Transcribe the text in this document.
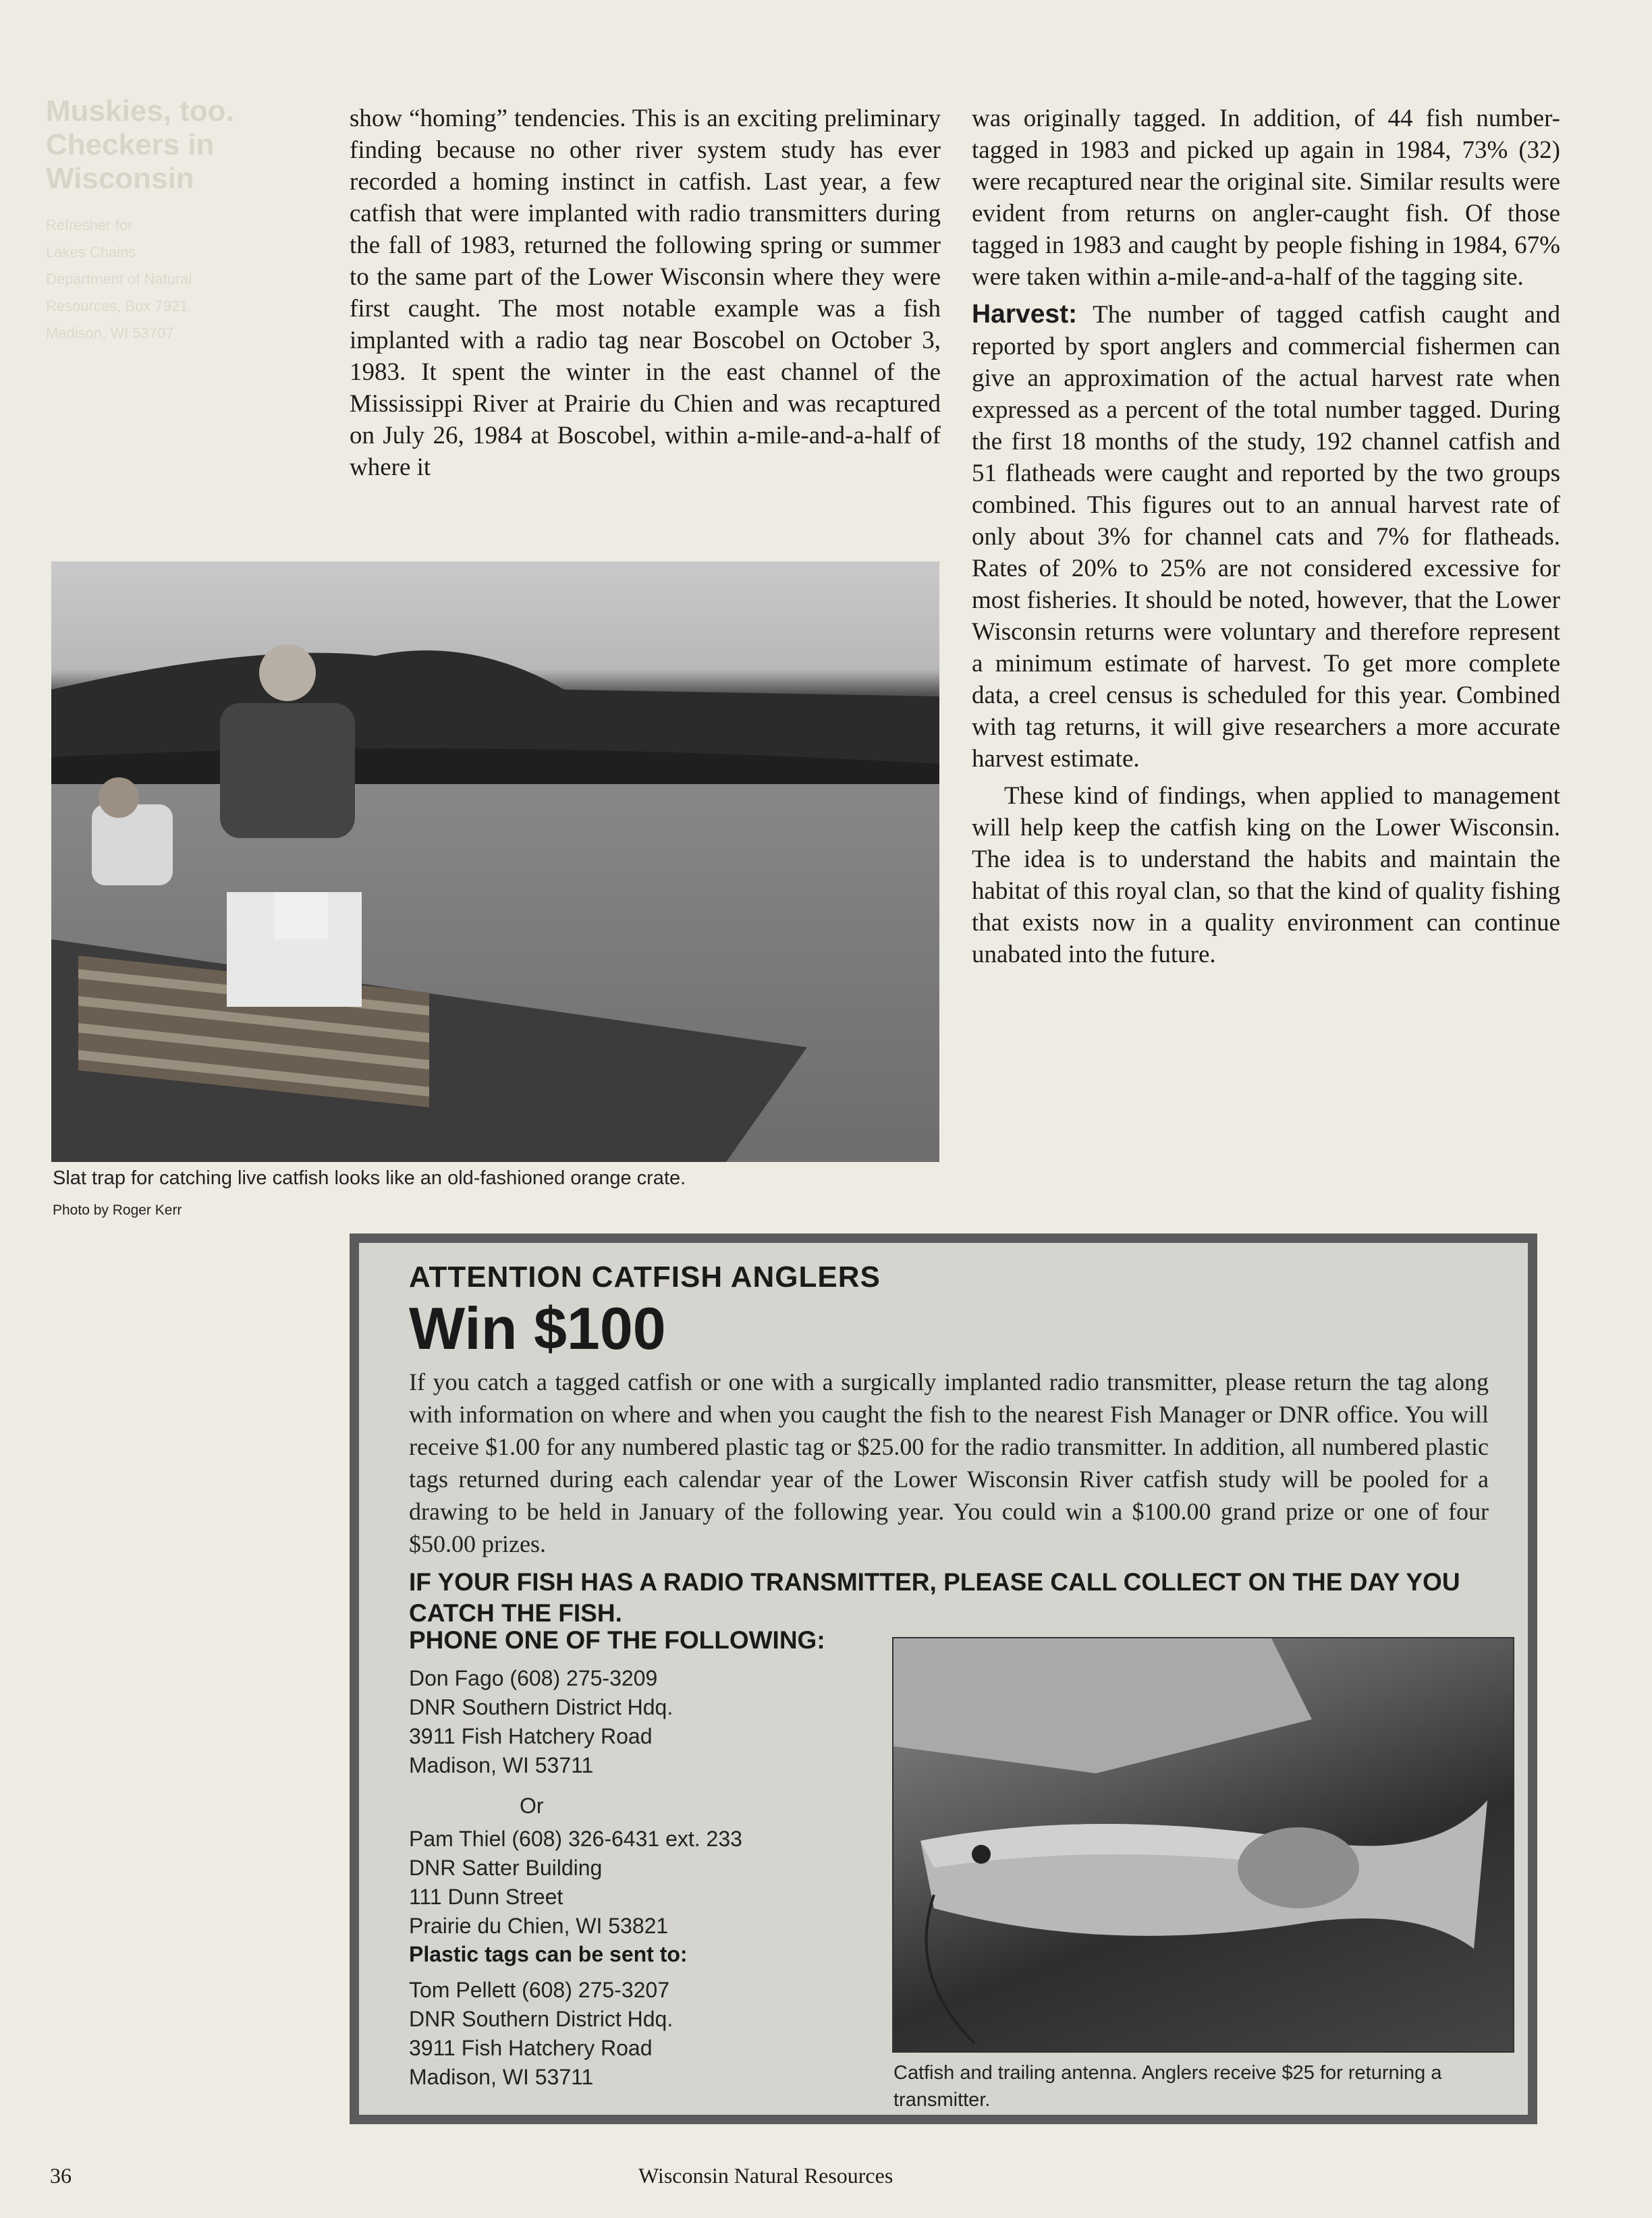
Muskies, too. Checkers in Wisconsin
Refresher for
Lakes Chains
Department of Natural
Resources, Box 7921
Madison, WI 53707

show “homing” tendencies. This is an exciting preliminary finding because no other river system study has ever recorded a homing instinct in catfish. Last year, a few catfish that were implanted with radio transmitters during the fall of 1983, returned the following spring or summer to the same part of the Lower Wisconsin where they were first caught. The most notable example was a fish implanted with a radio tag near Boscobel on October 3, 1983. It spent the winter in the east channel of the Mississippi River at Prairie du Chien and was recaptured on July 26, 1984 at Boscobel, within a-mile-and-a-half of where it

was originally tagged. In addition, of 44 fish number-tagged in 1983 and picked up again in 1984, 73% (32) were recaptured near the original site. Similar results were evident from returns on angler-caught fish. Of those tagged in 1983 and caught by people fishing in 1984, 67% were taken within a-mile-and-a-half of the tagging site.

Harvest: The number of tagged catfish caught and reported by sport anglers and commercial fishermen can give an approximation of the actual harvest rate when expressed as a percent of the total number tagged. During the first 18 months of the study, 192 channel catfish and 51 flatheads were caught and reported by the two groups combined. This figures out to an annual harvest rate of only about 3% for channel cats and 7% for flatheads. Rates of 20% to 25% are not considered excessive for most fisheries. It should be noted, however, that the Lower Wisconsin returns were voluntary and therefore represent a minimum estimate of harvest. To get more complete data, a creel census is scheduled for this year. Combined with tag returns, it will give researchers a more accurate harvest estimate.

These kind of findings, when applied to management will help keep the catfish king on the Lower Wisconsin. The idea is to understand the habits and maintain the habitat of this royal clan, so that the kind of quality fishing that exists now in a quality environment can continue unabated into the future.

Slat trap for catching live catfish looks like an old-fashioned orange crate.
Photo by Roger Kerr
ATTENTION CATFISH ANGLERS
Win $100
If you catch a tagged catfish or one with a surgically implanted radio transmitter, please return the tag along with information on where and when you caught the fish to the nearest Fish Manager or DNR office. You will receive $1.00 for any numbered plastic tag or $25.00 for the radio transmitter. In addition, all numbered plastic tags returned during each calendar year of the Lower Wisconsin River catfish study will be pooled for a drawing to be held in January of the following year. You could win a $100.00 grand prize or one of four $50.00 prizes.
IF YOUR FISH HAS A RADIO TRANSMITTER, PLEASE CALL COLLECT ON THE DAY YOU CATCH THE FISH.
PHONE ONE OF THE FOLLOWING:
Don Fago (608) 275-3209
DNR Southern District Hdq.
3911 Fish Hatchery Road
Madison, WI 53711
Or
Pam Thiel (608) 326-6431 ext. 233
DNR Satter Building
111 Dunn Street
Prairie du Chien, WI 53821
Plastic tags can be sent to:
Tom Pellett (608) 275-3207
DNR Southern District Hdq.
3911 Fish Hatchery Road
Madison, WI 53711	Catfish and trailing antenna. Anglers receive $25 for returning a transmitter.
36	Wisconsin Natural Resources
